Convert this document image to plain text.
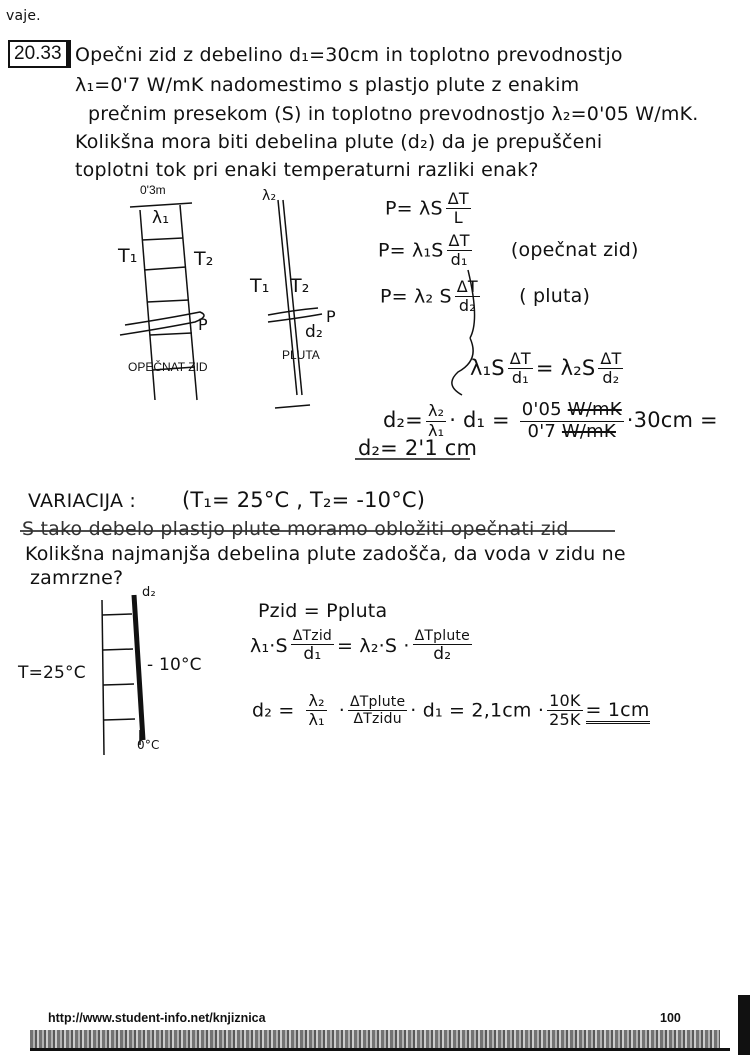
vaje.
20.33 Opečni zid z debelino d₁=30cm in toplotno prevodnostjo
λ₁=0'7 W/mK nadomestimo s plastjo plute z enakim
prečnim presekom (S) in toplotno prevodnostjo λ₂=0'05 W/mK.
Kolikšna mora biti debelina plute (d₂) da je prepuščeni
toplotni tok pri enaki temperaturni razliki enak?
0'3m
λ₁
T₁	T₂
P
OPEČNAT ZID
λ₂
T₁ T₂
P
d₂
PLUTA
P= λS $\frac{\Delta T}{L}$
$P= \lambda_1S \frac{\Delta T}{\text{d₁}}$ (opečnat zid)
P= λ₂ S $\frac{\Delta T}{\text{d₂}}$ ( pluta)
$\lambda_1S \frac{\Delta T}{\text{d₁}} = \lambda_2S \frac{\Delta T}{\text{d₂}}$
$d_2= \frac{\text{λ₂}}{\text{λ₁}} \cdot d_1 = \frac{0'05 W/mK}{0'7 W/mK} \cdot 30cm$ =
d₂= 2'1 cm
VARIACIJA : (T₁= 25°C , T₂= -10°C)
S tako debelo plastjo plute moramo obložiti opečnati zid
Kolikšna najmanjša debelina plute zadošča, da voda v zidu ne
zamrzne?
d₂
T=25°C	- 10°C
0°C
Pzid = Ppluta
$\lambda_1\cdot S \frac{\text{ΔTzid}}{\text{d₁}} = \lambda_2\cdot S \cdot \frac{\text{ΔTplute}}{\text{d₂}}$
$d_2 = \frac{\text{λ₂}}{\text{λ₁}} \cdot \frac{\text{ΔTplute}}{\text{ΔTzidu}} \cdot d_1 = 2,1cm \cdot \frac{10K}{25K} = 1cm$
http://www.student-info.net/knjiznica	100
